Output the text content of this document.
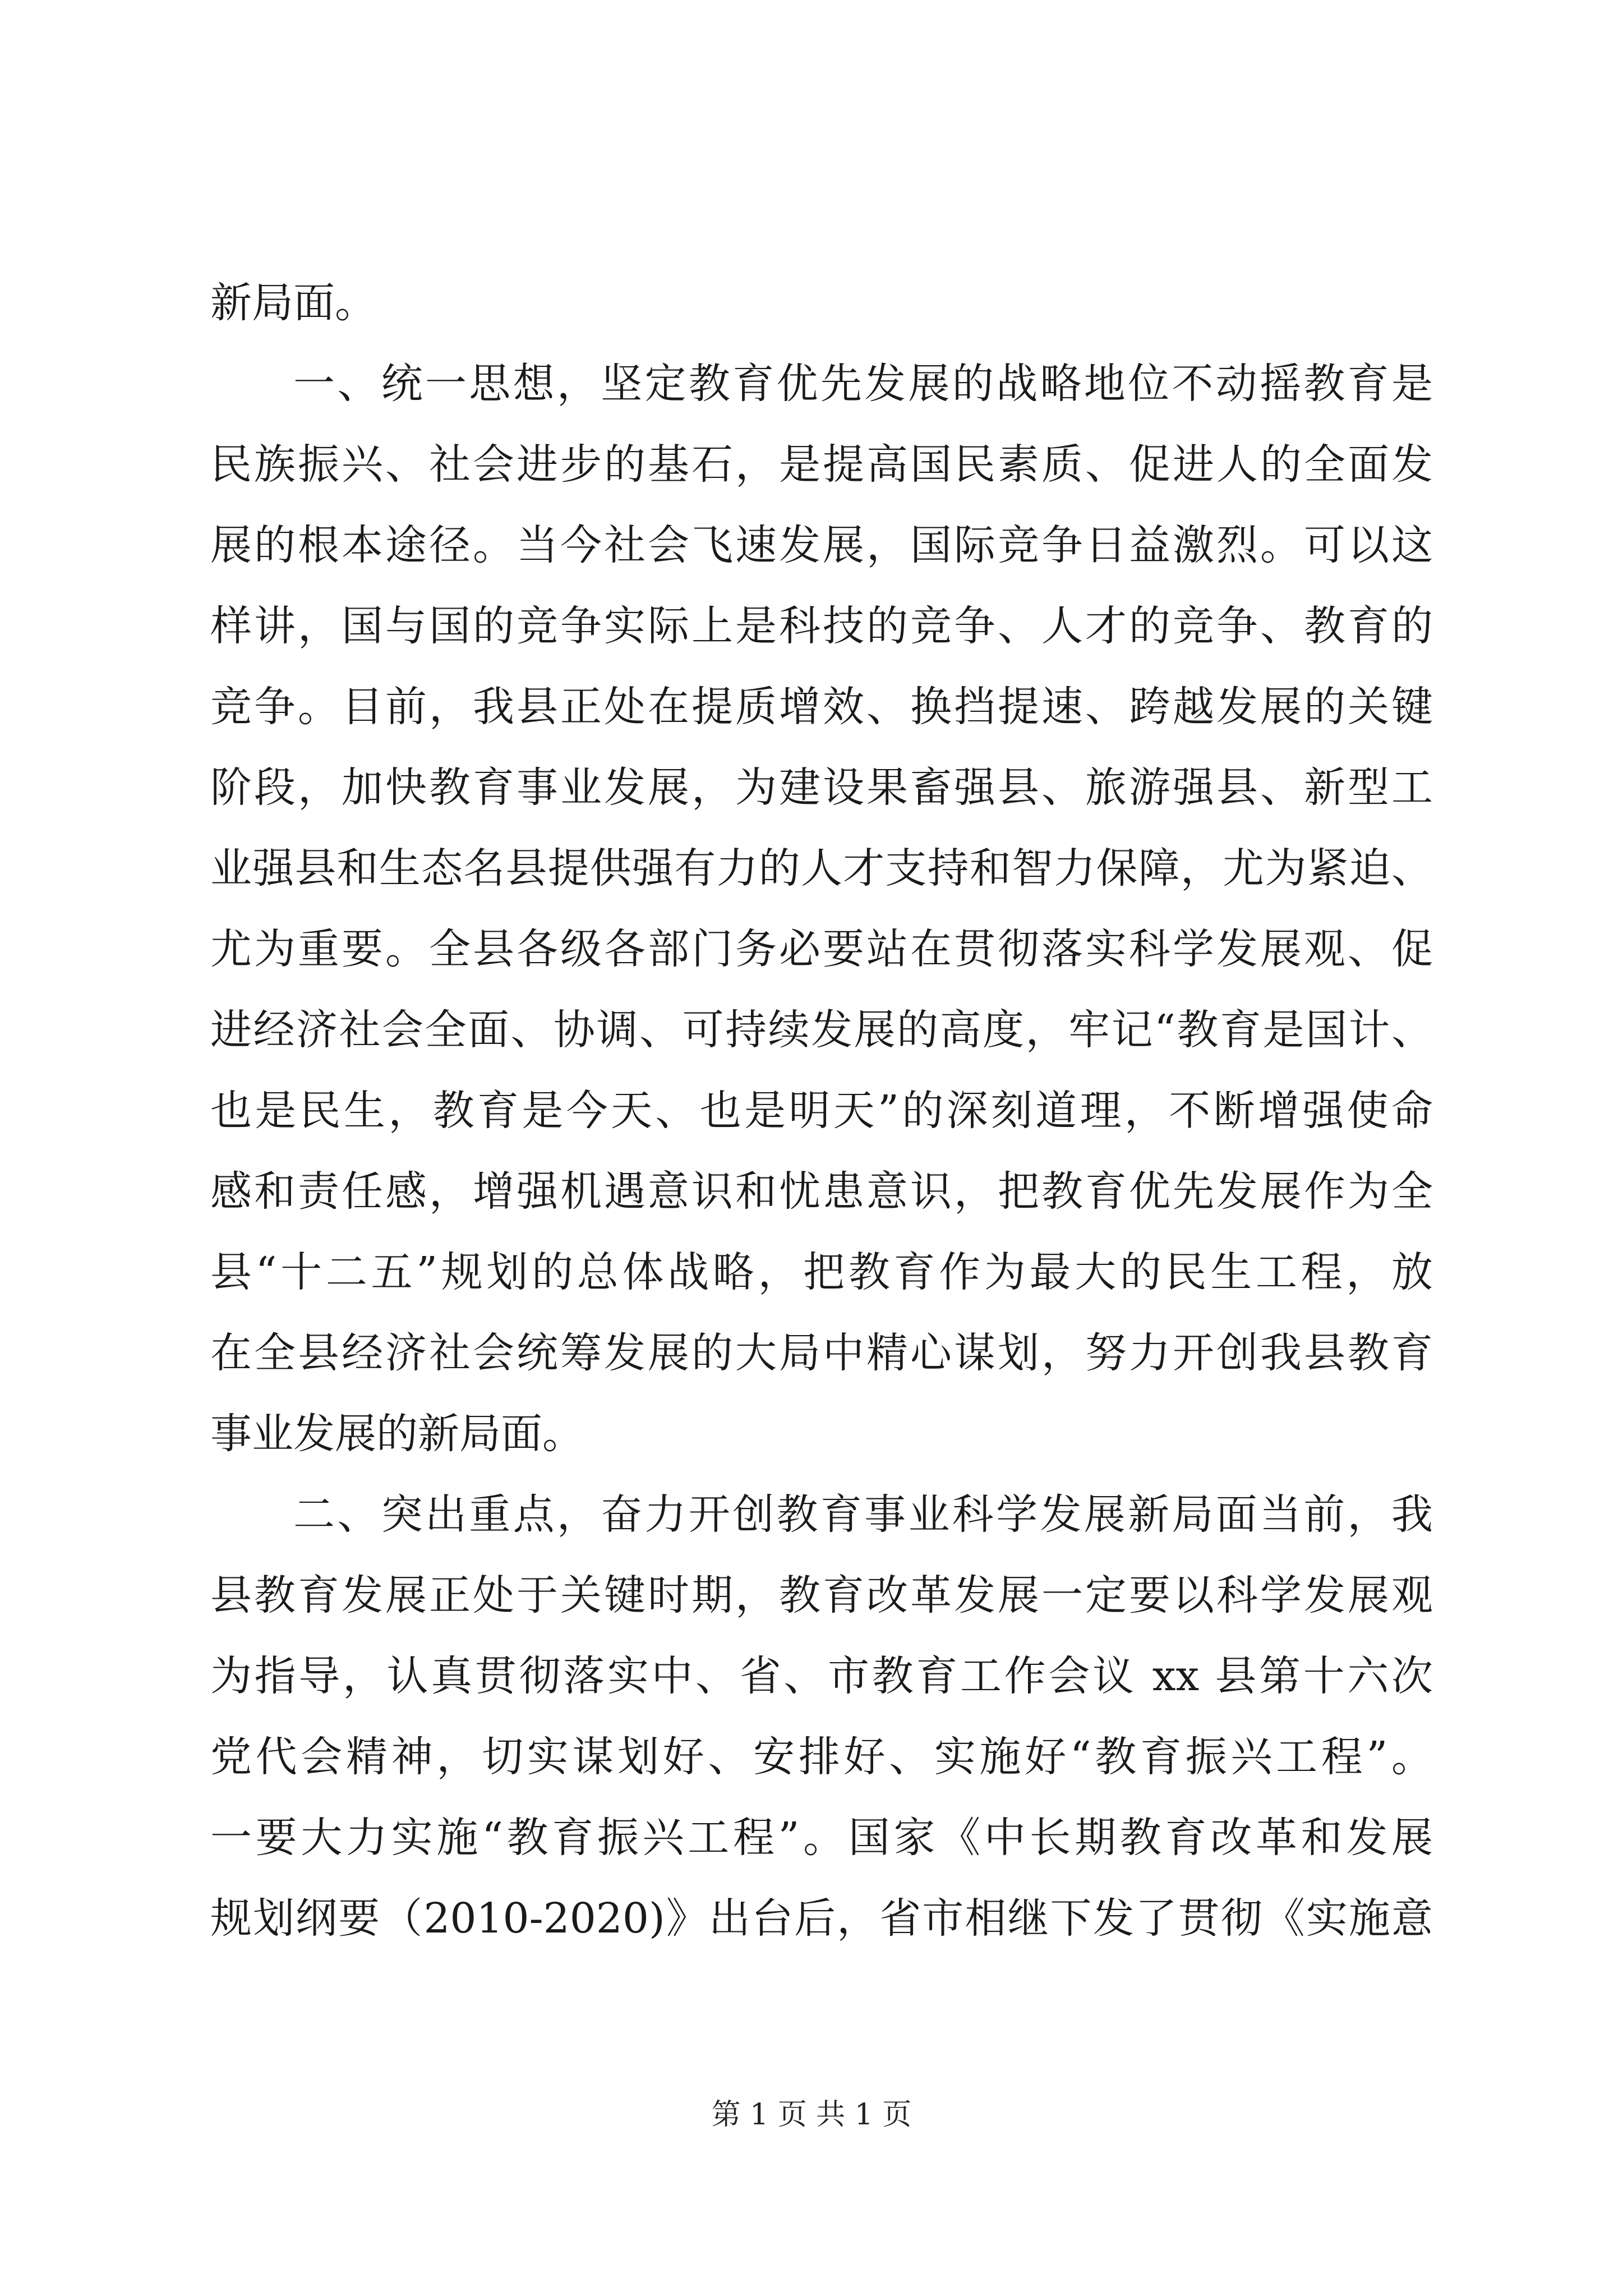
新局面。
一、统一思想，坚定教育优先发展的战略地位不动摇教育是
民族振兴、社会进步的基石，是提高国民素质、促进人的全面发
展的根本途径。当今社会飞速发展，国际竞争日益激烈。可以这
样讲，国与国的竞争实际上是科技的竞争、人才的竞争、教育的
竞争。目前，我县正处在提质增效、换挡提速、跨越发展的关键
阶段，加快教育事业发展，为建设果畜强县、旅游强县、新型工
业强县和生态名县提供强有力的人才支持和智力保障，尤为紧迫、
尤为重要。全县各级各部门务必要站在贯彻落实科学发展观、促
进经济社会全面、协调、可持续发展的高度，牢记“教育是国计、
也是民生，教育是今天、也是明天”的深刻道理，不断增强使命
感和责任感，增强机遇意识和忧患意识，把教育优先发展作为全
县“十二五”规划的总体战略，把教育作为最大的民生工程，放
在全县经济社会统筹发展的大局中精心谋划，努力开创我县教育
事业发展的新局面。
二、突出重点，奋力开创教育事业科学发展新局面当前，我
县教育发展正处于关键时期，教育改革发展一定要以科学发展观
为指导，认真贯彻落实中、省、市教育工作会议 xx 县第十六次
党代会精神，切实谋划好、安排好、实施好“教育振兴工程”。
一要大力实施“教育振兴工程”。国家《中长期教育改革和发展
规划纲要（2010-2020)》出台后，省市相继下发了贯彻《实施意
第 1 页 共 1 页
